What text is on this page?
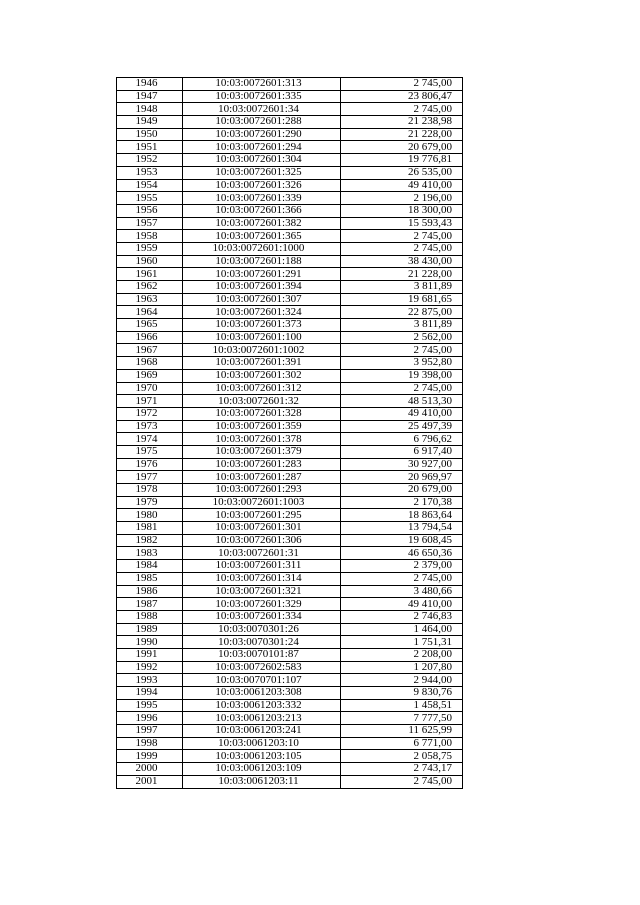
1946	10:03:0072601:313	2 745,00
1947	10:03:0072601:335	23 806,47
1948	10:03:0072601:34	2 745,00
1949	10:03:0072601:288	21 238,98
1950	10:03:0072601:290	21 228,00
1951	10:03:0072601:294	20 679,00
1952	10:03:0072601:304	19 776,81
1953	10:03:0072601:325	26 535,00
1954	10:03:0072601:326	49 410,00
1955	10:03:0072601:339	2 196,00
1956	10:03:0072601:366	18 300,00
1957	10:03:0072601:382	15 593,43
1958	10:03:0072601:365	2 745,00
1959	10:03:0072601:1000	2 745,00
1960	10:03:0072601:188	38 430,00
1961	10:03:0072601:291	21 228,00
1962	10:03:0072601:394	3 811,89
1963	10:03:0072601:307	19 681,65
1964	10:03:0072601:324	22 875,00
1965	10:03:0072601:373	3 811,89
1966	10:03:0072601:100	2 562,00
1967	10:03:0072601:1002	2 745,00
1968	10:03:0072601:391	3 952,80
1969	10:03:0072601:302	19 398,00
1970	10:03:0072601:312	2 745,00
1971	10:03:0072601:32	48 513,30
1972	10:03:0072601:328	49 410,00
1973	10:03:0072601:359	25 497,39
1974	10:03:0072601:378	6 796,62
1975	10:03:0072601:379	6 917,40
1976	10:03:0072601:283	30 927,00
1977	10:03:0072601:287	20 969,97
1978	10:03:0072601:293	20 679,00
1979	10:03:0072601:1003	2 170,38
1980	10:03:0072601:295	18 863,64
1981	10:03:0072601:301	13 794,54
1982	10:03:0072601:306	19 608,45
1983	10:03:0072601:31	46 650,36
1984	10:03:0072601:311	2 379,00
1985	10:03:0072601:314	2 745,00
1986	10:03:0072601:321	3 480,66
1987	10:03:0072601:329	49 410,00
1988	10:03:0072601:334	2 746,83
1989	10:03:0070301:26	1 464,00
1990	10:03:0070301:24	1 751,31
1991	10:03:0070101:87	2 208,00
1992	10:03:0072602:583	1 207,80
1993	10:03:0070701:107	2 944,00
1994	10:03:0061203:308	9 830,76
1995	10:03:0061203:332	1 458,51
1996	10:03:0061203:213	7 777,50
1997	10:03:0061203:241	11 625,99
1998	10:03:0061203:10	6 771,00
1999	10:03:0061203:105	2 058,75
2000	10:03:0061203:109	2 743,17
2001	10:03:0061203:11	2 745,00
